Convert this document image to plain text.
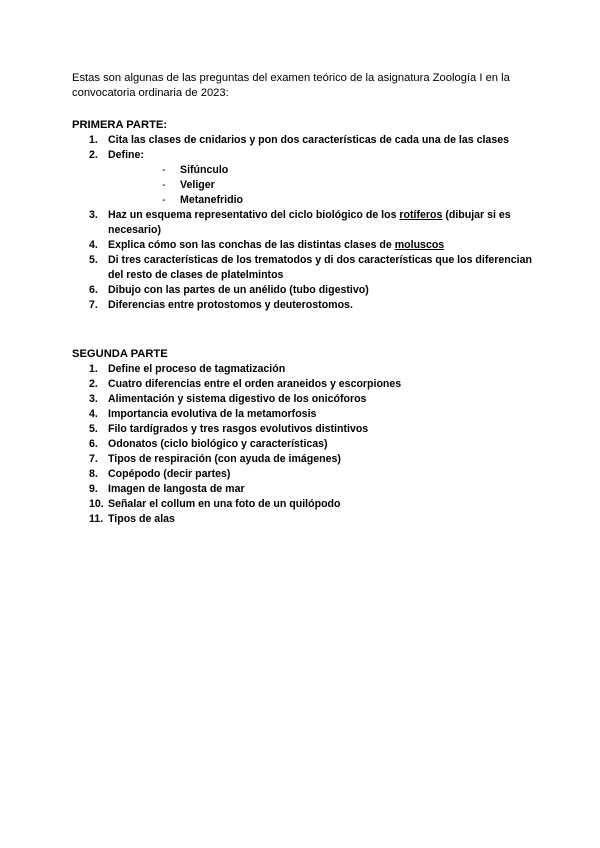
Estas son algunas de las preguntas del examen teórico de la asignatura Zoología I en la convocatoria ordinaria de 2023:

PRIMERA PARTE:

1. Cita las clases de cnidarios y pon dos características de cada una de las clases
2. Define:
- Sifúnculo
- Veliger
- Metanefridio
3. Haz un esquema representativo del ciclo biológico de los rotíferos (dibujar si es necesario)
4. Explica cómo son las conchas de las distintas clases de moluscos
5. Di tres características de los trematodos y di dos características que los diferencian del resto de clases de platelmintos
6. Dibujo con las partes de un anélido (tubo digestivo)
7. Diferencias entre protostomos y deuterostomos.

SEGUNDA PARTE

1. Define el proceso de tagmatización
2. Cuatro diferencias entre el orden araneidos y escorpiones
3. Alimentación y sistema digestivo de los onicóforos
4. Importancia evolutiva de la metamorfosis
5. Filo tardígrados y tres rasgos evolutivos distintivos
6. Odonatos (ciclo biológico y características)
7. Tipos de respiración (con ayuda de imágenes)
8. Copépodo (decir partes)
9. Imagen de langosta de mar
10. Señalar el collum en una foto de un quilópodo
11. Tipos de alas
